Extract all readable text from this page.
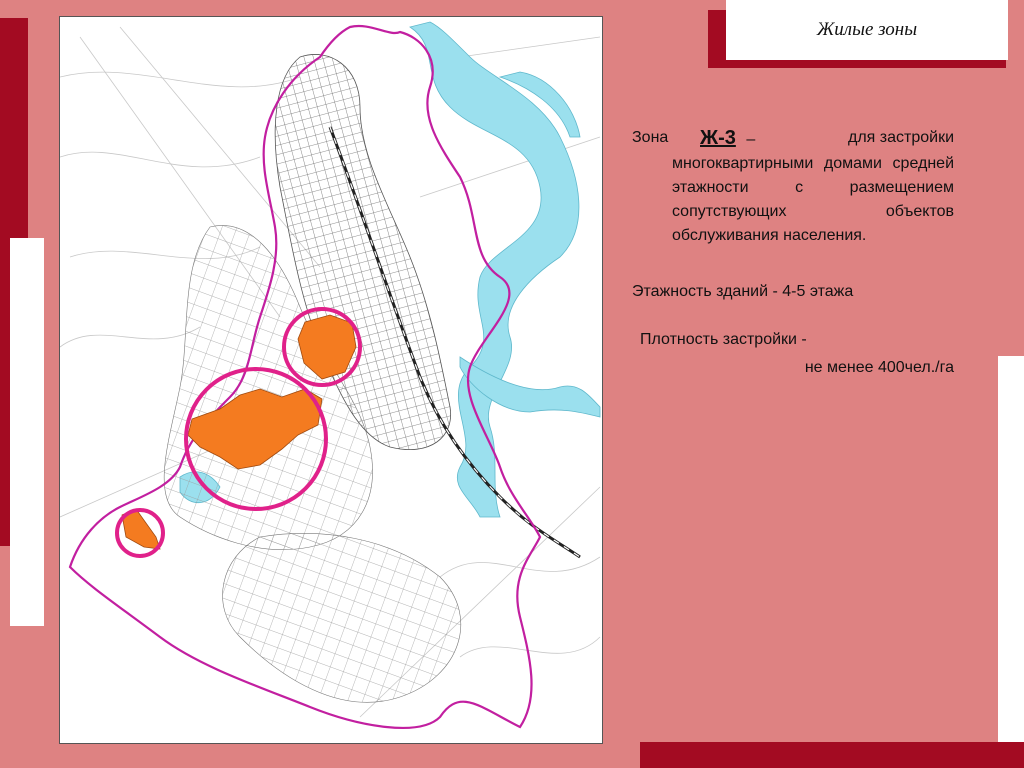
Жилые зоны
Зона	Ж-3 –	для застройки
многоквартирными домами средней этажности с размещением сопутствующих объектов обслуживания населения.
Этажность зданий - 4-5 этажа
Плотность застройки -
не менее 400чел./га
